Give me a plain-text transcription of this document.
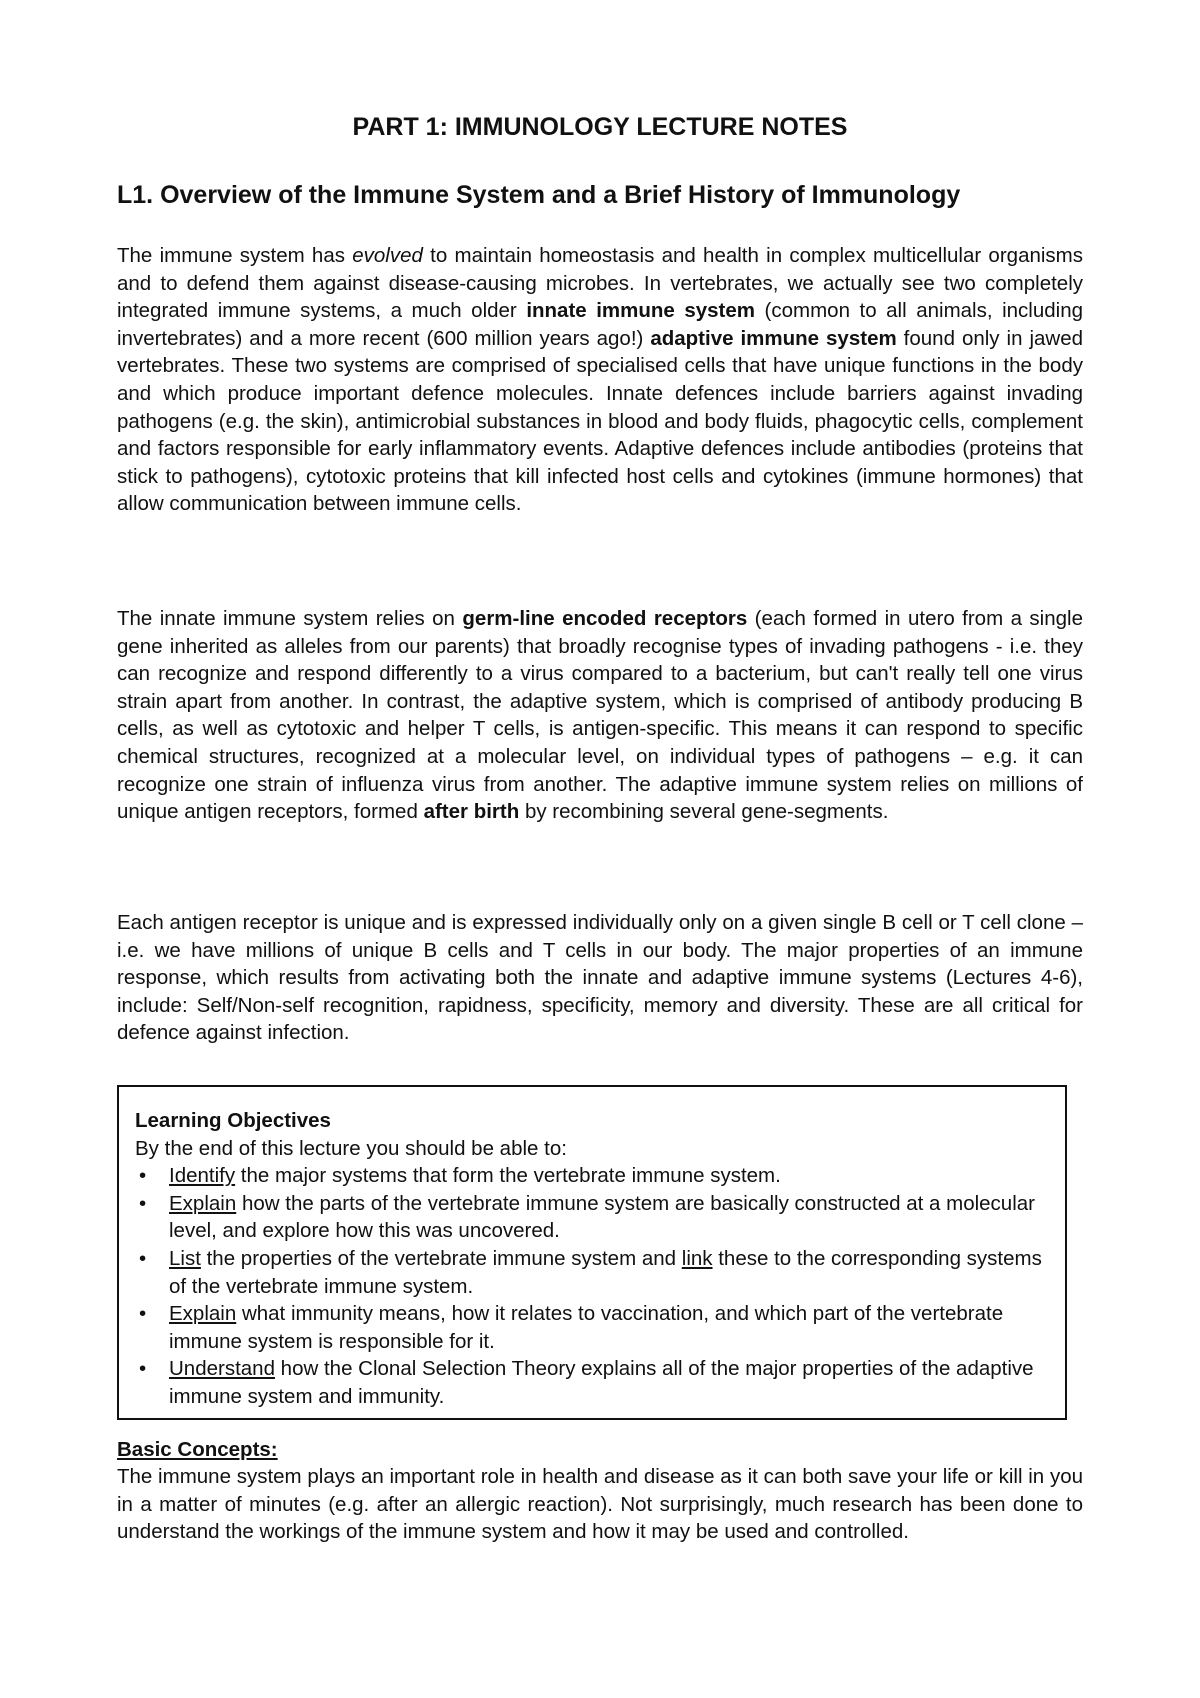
PART 1: IMMUNOLOGY LECTURE NOTES
L1. Overview of the Immune System and a Brief History of Immunology

The immune system has evolved to maintain homeostasis and health in complex multicellular organisms and to defend them against disease-causing microbes. In vertebrates, we actually see two completely integrated immune systems, a much older innate immune system (common to all animals, including invertebrates) and a more recent (600 million years ago!) adaptive immune system found only in jawed vertebrates. These two systems are comprised of specialised cells that have unique functions in the body and which produce important defence molecules. Innate defences include barriers against invading pathogens (e.g. the skin), antimicrobial substances in blood and body fluids, phagocytic cells, complement and factors responsible for early inflammatory events. Adaptive defences include antibodies (proteins that stick to pathogens), cytotoxic proteins that kill infected host cells and cytokines (immune hormones) that allow communication between immune cells.

The innate immune system relies on germ-line encoded receptors (each formed in utero from a single gene inherited as alleles from our parents) that broadly recognise types of invading pathogens - i.e. they can recognize and respond differently to a virus compared to a bacterium, but can't really tell one virus strain apart from another. In contrast, the adaptive system, which is comprised of antibody producing B cells, as well as cytotoxic and helper T cells, is antigen-specific. This means it can respond to specific chemical structures, recognized at a molecular level, on individual types of pathogens – e.g. it can recognize one strain of influenza virus from another. The adaptive immune system relies on millions of unique antigen receptors, formed after birth by recombining several gene-segments.

Each antigen receptor is unique and is expressed individually only on a given single B cell or T cell clone – i.e. we have millions of unique B cells and T cells in our body. The major properties of an immune response, which results from activating both the innate and adaptive immune systems (Lectures 4-6), include: Self/Non-self recognition, rapidness, specificity, memory and diversity. These are all critical for defence against infection.

Learning Objectives

By the end of this lecture you should be able to:

• Identify the major systems that form the vertebrate immune system.
• Explain how the parts of the vertebrate immune system are basically constructed at a molecular level, and explore how this was uncovered.
• List the properties of the vertebrate immune system and link these to the corresponding systems of the vertebrate immune system.
• Explain what immunity means, how it relates to vaccination, and which part of the vertebrate immune system is responsible for it.
• Understand how the Clonal Selection Theory explains all of the major properties of the adaptive immune system and immunity.

Basic Concepts:

The immune system plays an important role in health and disease as it can both save your life or kill in you in a matter of minutes (e.g. after an allergic reaction). Not surprisingly, much research has been done to understand the workings of the immune system and how it may be used and controlled.
